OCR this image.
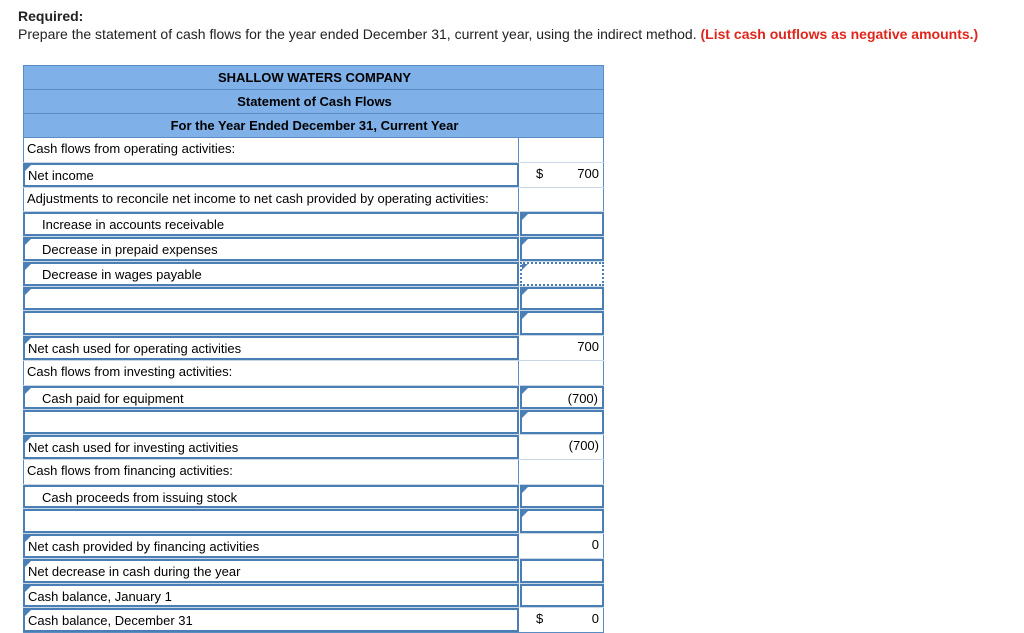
Required:
Prepare the statement of cash flows for the year ended December 31, current year, using the indirect method. (List cash outflows as negative amounts.)
SHALLOW WATERS COMPANY
Statement of Cash Flows
For the Year Ended December 31, Current Year
Cash flows from operating activities:
Net income	$	700
Adjustments to reconcile net income to net cash provided by operating activities:
Increase in accounts receivable
Decrease in prepaid expenses
Decrease in wages payable
Net cash used for operating activities	700
Cash flows from investing activities:
Cash paid for equipment	(700)
Net cash used for investing activities	(700)
Cash flows from financing activities:
Cash proceeds from issuing stock
Net cash provided by financing activities	0
Net decrease in cash during the year
Cash balance, January 1
Cash balance, December 31	$	0
